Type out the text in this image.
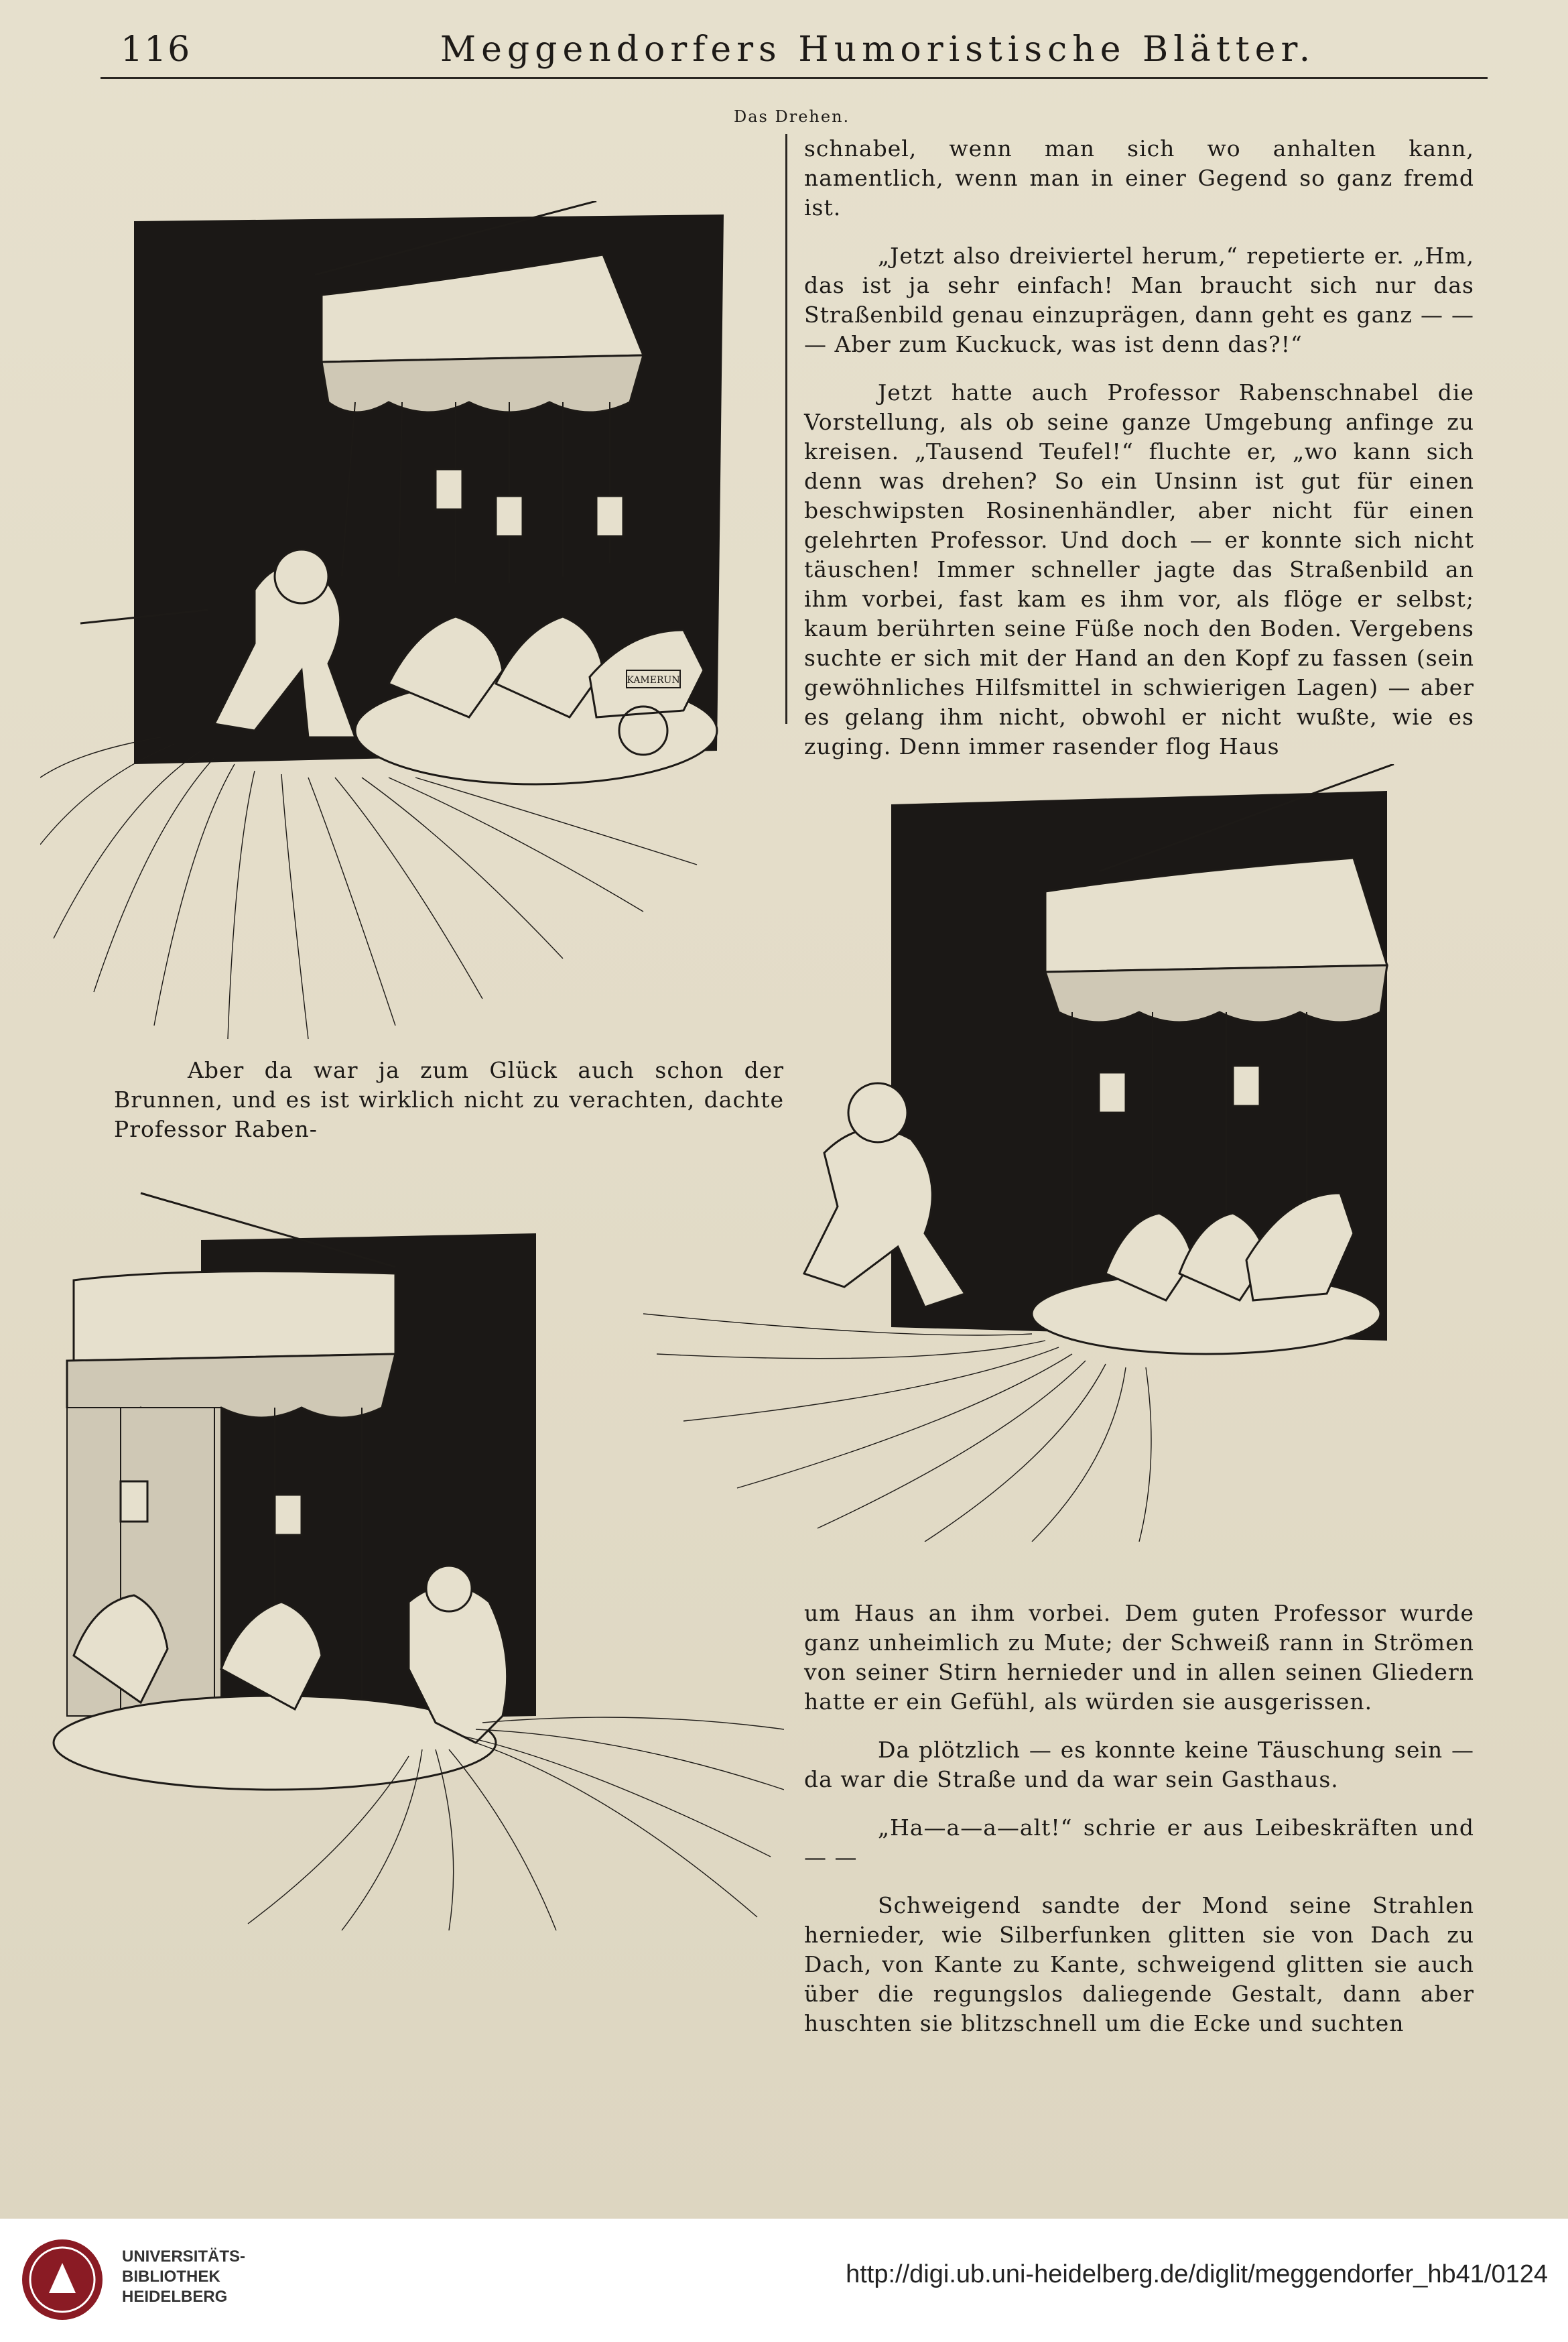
116	Meggendorfers Humoristische Blätter.
Das Drehen.
KAMERUN

schnabel, wenn man sich wo anhalten kann, namentlich, wenn man in einer Gegend so ganz fremd ist.

„Jetzt also dreiviertel herum,“ repetierte er. „Hm, das ist ja sehr einfach! Man braucht sich nur das Straßenbild genau einzuprägen, dann geht es ganz — — — Aber zum Kuckuck, was ist denn das?!“

Jetzt hatte auch Professor Rabenschnabel die Vorstellung, als ob seine ganze Umgebung anfinge zu kreisen. „Tausend Teufel!“ fluchte er, „wo kann sich denn was drehen? So ein Unsinn ist gut für einen beschwipsten Rosinenhändler, aber nicht für einen gelehrten Professor. Und doch — er konnte sich nicht täuschen! Immer schneller jagte das Straßenbild an ihm vorbei, fast kam es ihm vor, als flöge er selbst; kaum berührten seine Füße noch den Boden. Vergebens suchte er sich mit der Hand an den Kopf zu fassen (sein gewöhnliches Hilfsmittel in schwierigen Lagen) — aber es gelang ihm nicht, obwohl er nicht wußte, wie es zuging. Denn immer rasender flog Haus

Aber da war ja zum Glück auch schon der Brunnen, und es ist wirklich nicht zu verachten, dachte Professor Raben-

um Haus an ihm vorbei. Dem guten Professor wurde ganz unheimlich zu Mute; der Schweiß rann in Strömen von seiner Stirn hernieder und in allen seinen Gliedern hatte er ein Gefühl, als würden sie ausgerissen.

Da plötzlich — es konnte keine Täuschung sein — da war die Straße und da war sein Gasthaus.

„Ha—a—a—alt!“ schrie er aus Leibeskräften und — —

Schweigend sandte der Mond seine Strahlen hernieder, wie Silberfunken glitten sie von Dach zu Dach, von Kante zu Kante, schweigend glitten sie auch über die regungslos daliegende Gestalt, dann aber huschten sie blitzschnell um die Ecke und suchten

UNIVERSITÄTS-
BIBLIOTHEK
HEIDELBERG
http://digi.ub.uni-heidelberg.de/diglit/meggendorfer_hb41/0124
